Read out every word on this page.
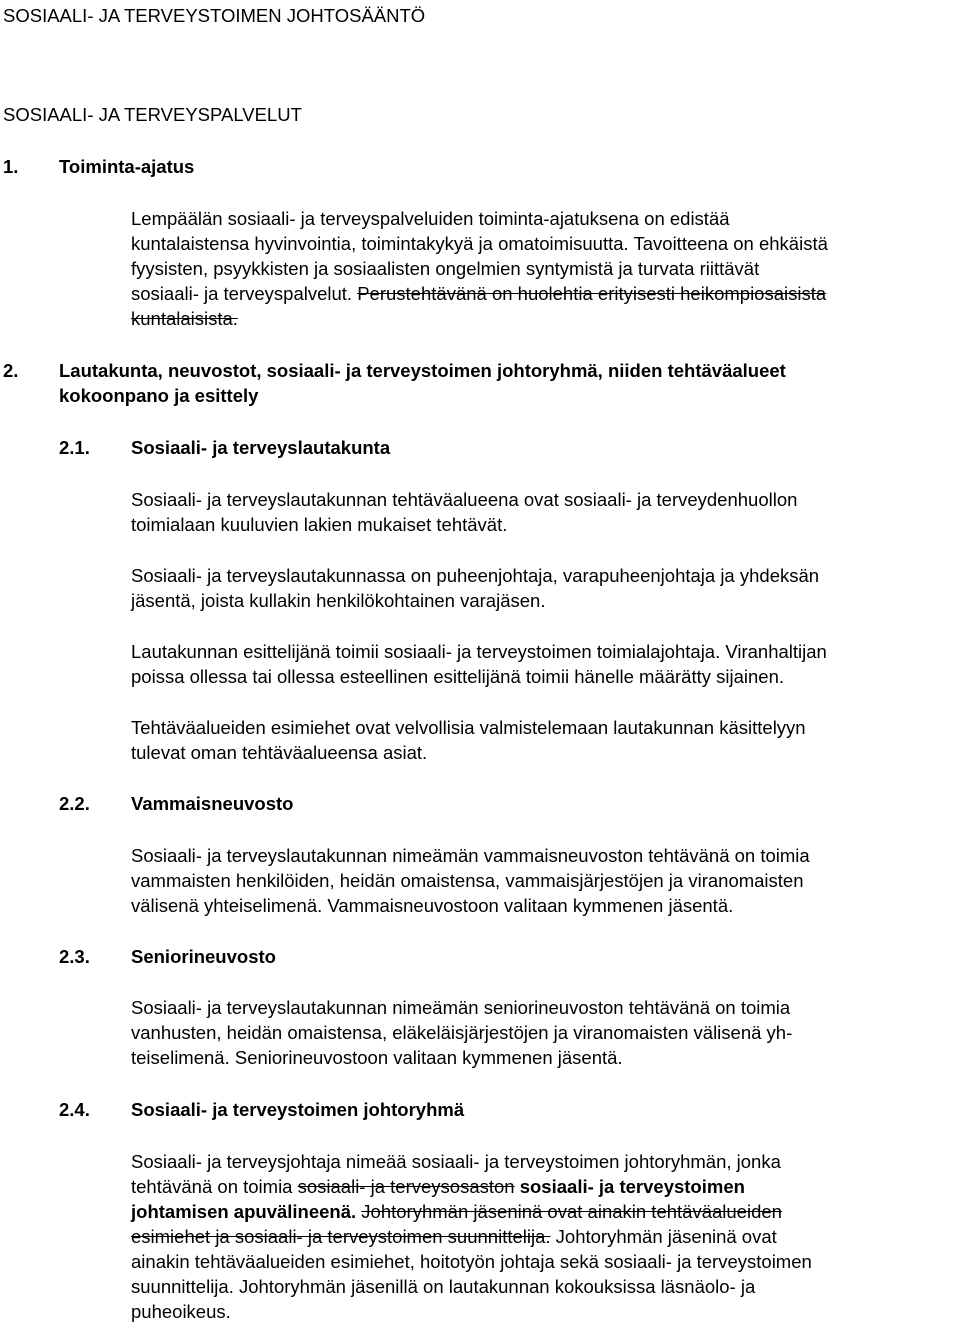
SOSIAALI- JA TERVEYSTOIMEN JOHTOSÄÄNTÖ
SOSIAALI- JA TERVEYSPALVELUT
1. Toiminta-ajatus
Lempäälän sosiaali- ja terveyspalveluiden toiminta-ajatuksena on edistää
kuntalaistensa hyvinvointia, toimintakykyä ja omatoimisuutta. Tavoitteena on ehkäistä
fyysisten, psyykkisten ja sosiaalisten ongelmien syntymistä ja turvata riittävät
sosiaali- ja terveyspalvelut. Perustehtävänä on huolehtia erityisesti heikompiosaisista
kuntalaisista.
2. Lautakunta, neuvostot, sosiaali- ja terveystoimen johtoryhmä, niiden tehtäväalueet
kokoonpano ja esittely
2.1. Sosiaali- ja terveyslautakunta
Sosiaali- ja terveyslautakunnan tehtäväalueena ovat sosiaali- ja terveydenhuollon
toimialaan kuuluvien lakien mukaiset tehtävät.
Sosiaali- ja terveyslautakunnassa on puheenjohtaja, varapuheenjohtaja ja yhdeksän
jäsentä, joista kullakin henkilökohtainen varajäsen.
Lautakunnan esittelijänä toimii sosiaali- ja terveystoimen toimialajohtaja. Viranhaltijan
poissa ollessa tai ollessa esteellinen esittelijänä toimii hänelle määrätty sijainen.
Tehtäväalueiden esimiehet ovat velvollisia valmistelemaan lautakunnan käsittelyyn
tulevat oman tehtäväalueensa asiat.
2.2. Vammaisneuvosto
Sosiaali- ja terveyslautakunnan nimeämän vammaisneuvoston tehtävänä on toimia
vammaisten henkilöiden, heidän omaistensa, vammaisjärjestöjen ja viranomaisten
välisenä yhteiselimenä. Vammaisneuvostoon valitaan kymmenen jäsentä.
2.3. Seniorineuvosto
Sosiaali- ja terveyslautakunnan nimeämän seniorineuvoston tehtävänä on toimia
vanhusten, heidän omaistensa, eläkeläisjärjestöjen ja viranomaisten välisenä yh-
teiselimenä. Seniorineuvostoon valitaan kymmenen jäsentä.
2.4. Sosiaali- ja terveystoimen johtoryhmä
Sosiaali- ja terveysjohtaja nimeää sosiaali- ja terveystoimen johtoryhmän, jonka
tehtävänä on toimia sosiaali- ja terveysosaston sosiaali- ja terveystoimen
johtamisen apuvälineenä. Johtoryhmän jäseninä ovat ainakin tehtäväalueiden
esimiehet ja sosiaali- ja terveystoimen suunnittelija. Johtoryhmän jäseninä ovat
ainakin tehtäväalueiden esimiehet, hoitotyön johtaja sekä sosiaali- ja terveystoimen
suunnittelija. Johtoryhmän jäsenillä on lautakunnan kokouksissa läsnäolo- ja
puheoikeus.
